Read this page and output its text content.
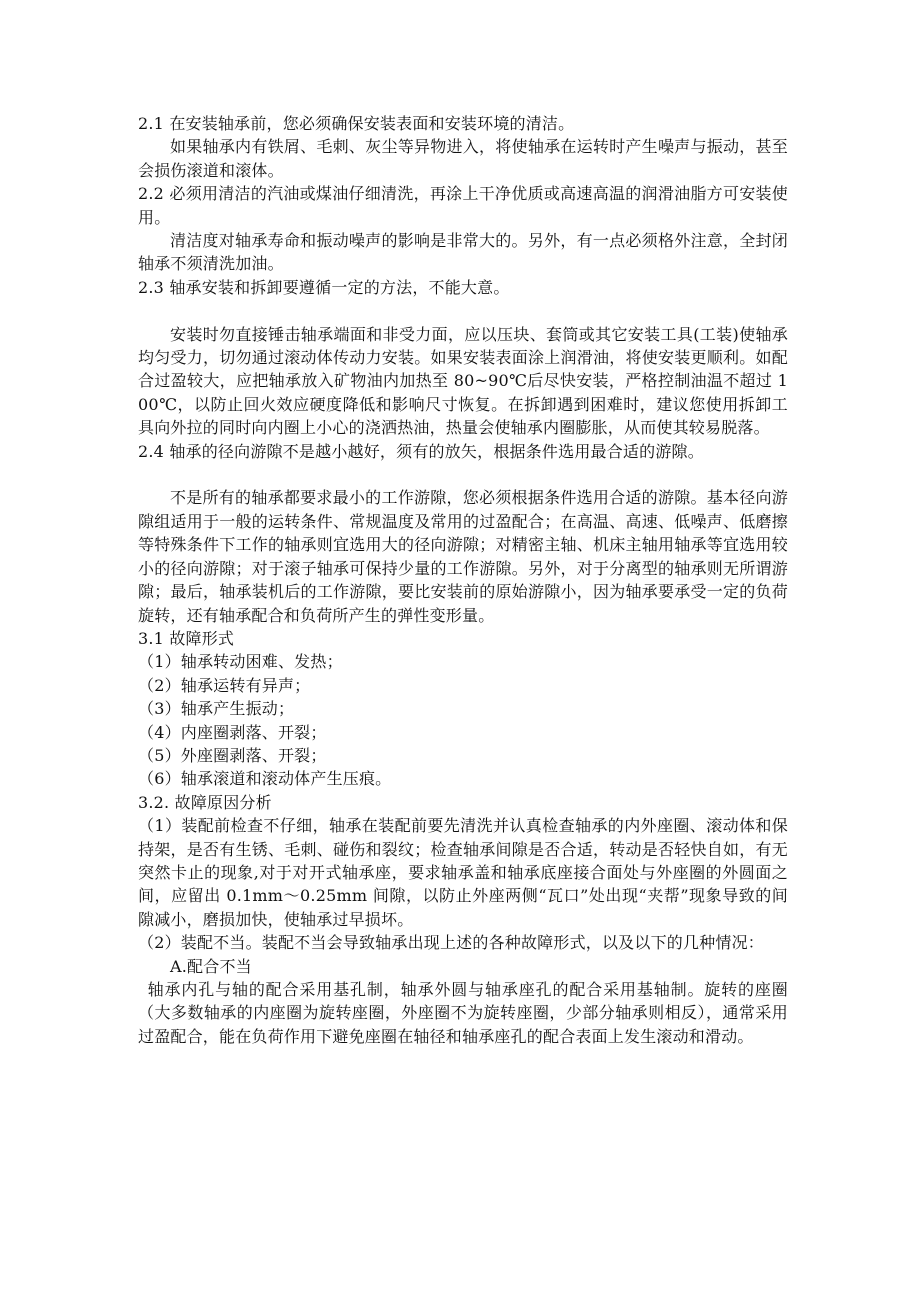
2.1 在安装轴承前，您必须确保安装表面和安装环境的清洁。

如果轴承内有铁屑、毛刺、灰尘等异物进入，将使轴承在运转时产生噪声与振动，甚至会损伤滚道和滚体。

2.2 必须用清洁的汽油或煤油仔细清洗，再涂上干净优质或高速高温的润滑油脂方可安装使用。

清洁度对轴承寿命和振动噪声的影响是非常大的。另外，有一点必须格外注意，全封闭轴承不须清洗加油。

2.3 轴承安装和拆卸要遵循一定的方法，不能大意。

安装时勿直接锤击轴承端面和非受力面，应以压块、套筒或其它安装工具(工装)使轴承均匀受力，切勿通过滚动体传动力安装。如果安装表面涂上润滑油，将使安装更顺利。如配合过盈较大，应把轴承放入矿物油内加热至 80~90℃后尽快安装，严格控制油温不超过 100℃，以防止回火效应硬度降低和影响尺寸恢复。在拆卸遇到困难时，建议您使用拆卸工具向外拉的同时向内圈上小心的浇洒热油，热量会使轴承内圈膨胀，从而使其较易脱落。

2.4 轴承的径向游隙不是越小越好，须有的放矢，根据条件选用最合适的游隙。

不是所有的轴承都要求最小的工作游隙，您必须根据条件选用合适的游隙。基本径向游隙组适用于一般的运转条件、常规温度及常用的过盈配合；在高温、高速、低噪声、低磨擦等特殊条件下工作的轴承则宜选用大的径向游隙；对精密主轴、机床主轴用轴承等宜选用较小的径向游隙；对于滚子轴承可保持少量的工作游隙。另外，对于分离型的轴承则无所谓游隙；最后，轴承装机后的工作游隙，要比安装前的原始游隙小，因为轴承要承受一定的负荷旋转，还有轴承配合和负荷所产生的弹性变形量。

3.1 故障形式

（1）轴承转动困难、发热；

（2）轴承运转有异声；

（3）轴承产生振动；

（4）内座圈剥落、开裂；

（5）外座圈剥落、开裂；

（6）轴承滚道和滚动体产生压痕。

3.2. 故障原因分析

（1）装配前检查不仔细，轴承在装配前要先清洗并认真检查轴承的内外座圈、滚动体和保持架，是否有生锈、毛刺、碰伤和裂纹；检查轴承间隙是否合适，转动是否轻快自如，有无突然卡止的现象,对于对开式轴承座，要求轴承盖和轴承底座接合面处与外座圈的外圆面之间，应留出 0.1mm～0.25mm 间隙，以防止外座两侧“瓦口”处出现“夹帮”现象导致的间隙减小，磨损加快，使轴承过早损坏。

（2）装配不当。装配不当会导致轴承出现上述的各种故障形式，以及以下的几种情况：

A.配合不当

轴承内孔与轴的配合采用基孔制，轴承外圆与轴承座孔的配合采用基轴制。旋转的座圈（大多数轴承的内座圈为旋转座圈，外座圈不为旋转座圈，少部分轴承则相反），通常采用过盈配合，能在负荷作用下避免座圈在轴径和轴承座孔的配合表面上发生滚动和滑动。
